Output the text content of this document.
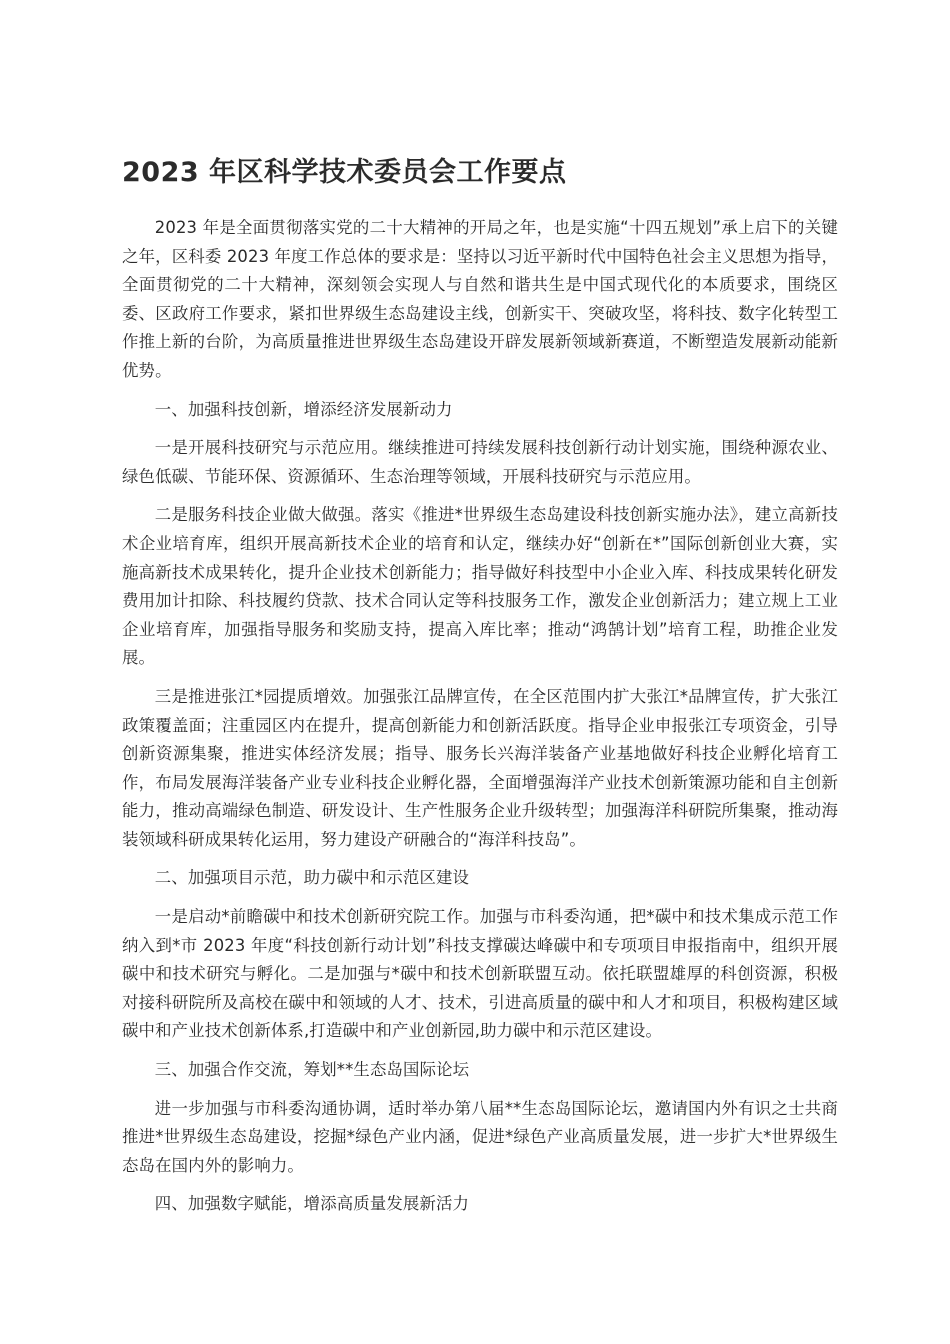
2023 年区科学技术委员会工作要点

2023 年是全面贯彻落实党的二十大精神的开局之年，也是实施“十四五规划”承上启下的关键之年，区科委 2023 年度工作总体的要求是：坚持以习近平新时代中国特色社会主义思想为指导，全面贯彻党的二十大精神，深刻领会实现人与自然和谐共生是中国式现代化的本质要求，围绕区委、区政府工作要求，紧扣世界级生态岛建设主线，创新实干、突破攻坚，将科技、数字化转型工作推上新的台阶，为高质量推进世界级生态岛建设开辟发展新领域新赛道，不断塑造发展新动能新优势。

一、加强科技创新，增添经济发展新动力

一是开展科技研究与示范应用。继续推进可持续发展科技创新行动计划实施，围绕种源农业、绿色低碳、节能环保、资源循环、生态治理等领域，开展科技研究与示范应用。

二是服务科技企业做大做强。落实《推进*世界级生态岛建设科技创新实施办法》，建立高新技术企业培育库，组织开展高新技术企业的培育和认定，继续办好“创新在*”国际创新创业大赛，实施高新技术成果转化，提升企业技术创新能力；指导做好科技型中小企业入库、科技成果转化研发费用加计扣除、科技履约贷款、技术合同认定等科技服务工作，激发企业创新活力；建立规上工业企业培育库，加强指导服务和奖励支持，提高入库比率；推动“鸿鹄计划”培育工程，助推企业发展。

三是推进张江*园提质增效。加强张江品牌宣传，在全区范围内扩大张江*品牌宣传，扩大张江政策覆盖面；注重园区内在提升，提高创新能力和创新活跃度。指导企业申报张江专项资金，引导创新资源集聚，推进实体经济发展；指导、服务长兴海洋装备产业基地做好科技企业孵化培育工作，布局发展海洋装备产业专业科技企业孵化器，全面增强海洋产业技术创新策源功能和自主创新能力，推动高端绿色制造、研发设计、生产性服务企业升级转型；加强海洋科研院所集聚，推动海装领域科研成果转化运用，努力建设产研融合的“海洋科技岛”。

二、加强项目示范，助力碳中和示范区建设

一是启动*前瞻碳中和技术创新研究院工作。加强与市科委沟通，把*碳中和技术集成示范工作纳入到*市 2023 年度“科技创新行动计划”科技支撑碳达峰碳中和专项项目申报指南中，组织开展碳中和技术研究与孵化。二是加强与*碳中和技术创新联盟互动。依托联盟雄厚的科创资源，积极对接科研院所及高校在碳中和领域的人才、技术，引进高质量的碳中和人才和项目，积极构建区域碳中和产业技术创新体系,打造碳中和产业创新园,助力碳中和示范区建设。

三、加强合作交流，筹划**生态岛国际论坛

进一步加强与市科委沟通协调，适时举办第八届**生态岛国际论坛，邀请国内外有识之士共商推进*世界级生态岛建设，挖掘*绿色产业内涵，促进*绿色产业高质量发展，进一步扩大*世界级生态岛在国内外的影响力。

四、加强数字赋能，增添高质量发展新活力
